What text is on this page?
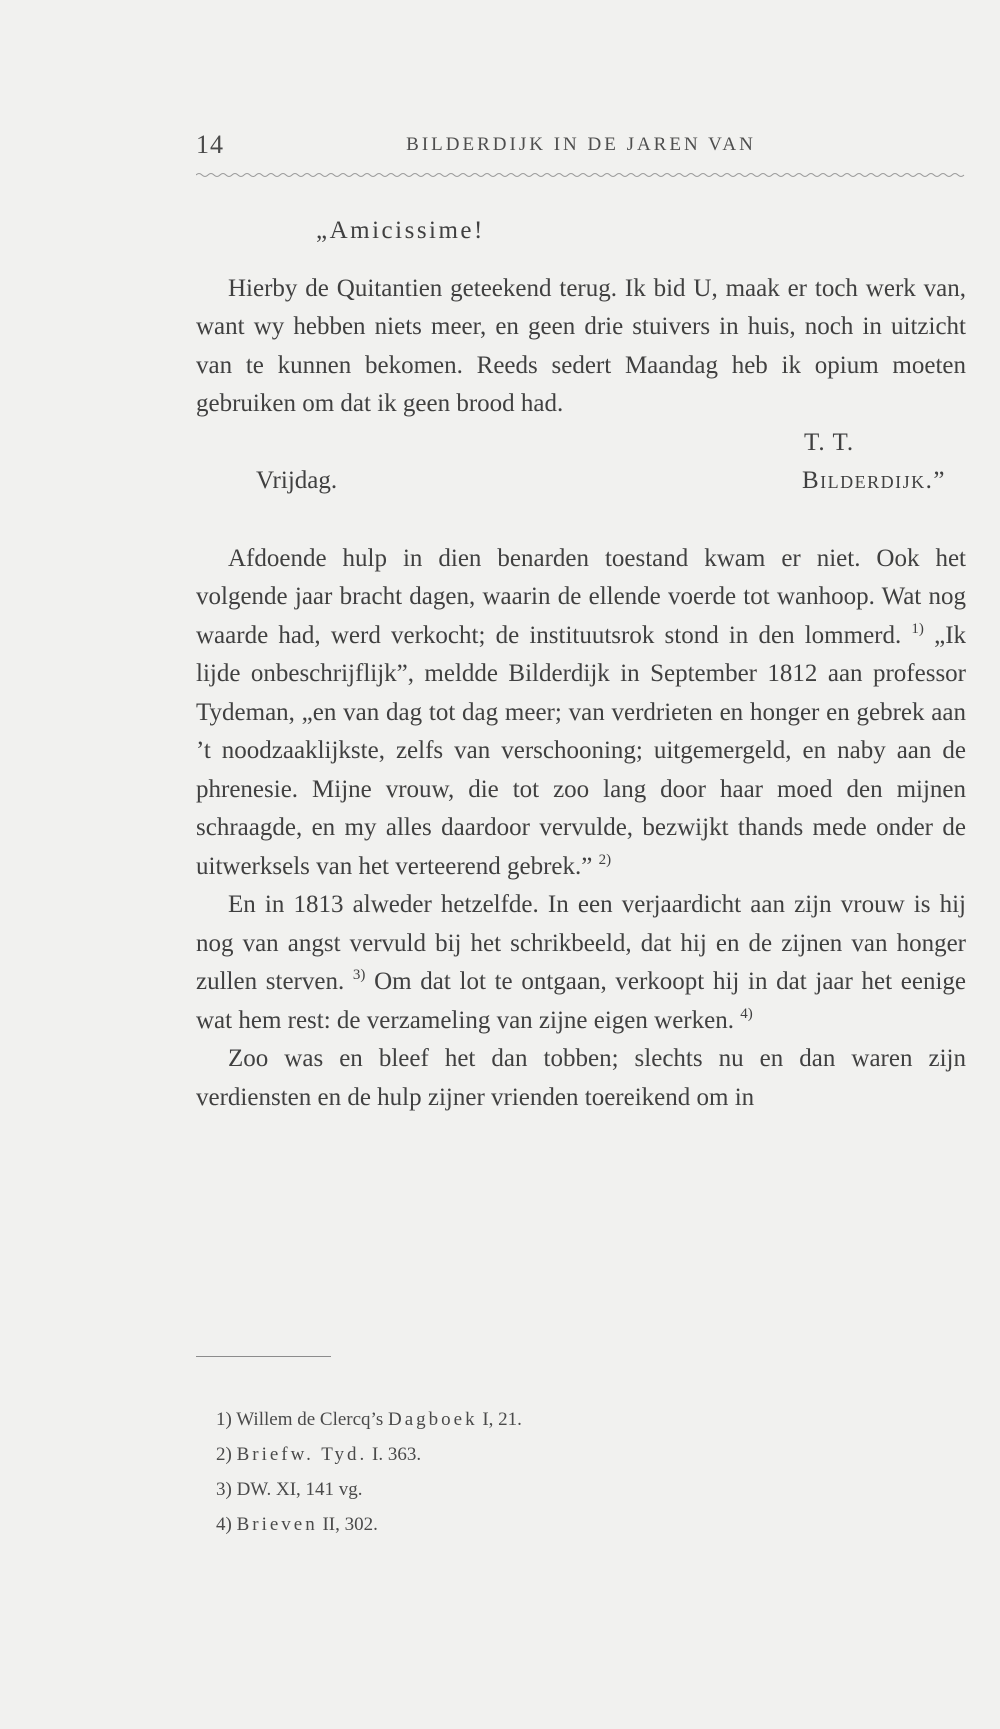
14	BILDERDIJK IN DE JAREN VAN

„Amicissime!

Hierby de Quitantien geteekend terug. Ik bid U, maak er toch werk van, want wy hebben niets meer, en geen drie stuivers in huis, noch in uitzicht van te kunnen bekomen. Reeds sedert Maandag heb ik opium moeten gebruiken om dat ik geen brood had.

T. T.
Vrijdag.	Bilderdijk.”

Afdoende hulp in dien benarden toestand kwam er niet. Ook het volgende jaar bracht dagen, waarin de ellende voerde tot wanhoop. Wat nog waarde had, werd verkocht; de instituutsrok stond in den lommerd. $^{1)}$ „Ik lijde onbeschrijflijk”, meldde Bilderdijk in September 1812 aan professor Tydeman, „en van dag tot dag meer; van verdrieten en honger en gebrek aan ’t noodzaaklijkste, zelfs van verschooning; uitgemergeld, en naby aan de phrenesie. Mijne vrouw, die tot zoo lang door haar moed den mijnen schraagde, en my alles daardoor vervulde, bezwijkt thands mede onder de uitwerksels van het verteerend gebrek.” $^{2)}$

En in 1813 alweder hetzelfde. In een verjaardicht aan zijn vrouw is hij nog van angst vervuld bij het schrikbeeld, dat hij en de zijnen van honger zullen sterven. $^{3)}$ Om dat lot te ontgaan, verkoopt hij in dat jaar het eenige wat hem rest: de verzameling van zijne eigen werken. $^{4)}$

Zoo was en bleef het dan tobben; slechts nu en dan waren zijn verdiensten en de hulp zijner vrienden toereikend om in

1) Willem de Clercq’s Dagboek I, 21.
2) Briefw. Tyd. I. 363.
3) DW. XI, 141 vg.
4) Brieven II, 302.
